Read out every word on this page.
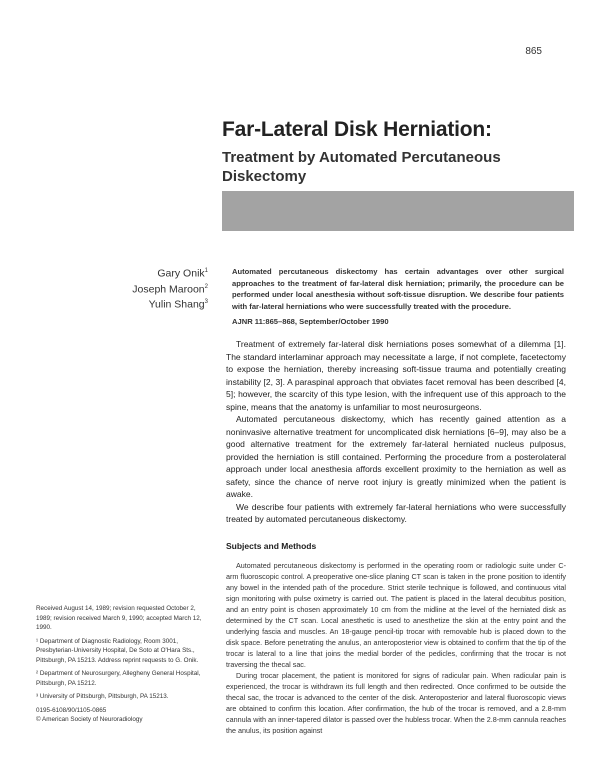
865
Far-Lateral Disk Herniation:
Treatment by Automated Percutaneous
Diskectomy
Gary Onik$^1$
Joseph Maroon$^2$
Yulin Shang$^3$

Automated percutaneous diskectomy has certain advantages over other surgical approaches to the treatment of far-lateral disk herniation; primarily, the procedure can be performed under local anesthesia without soft-tissue disruption. We describe four patients with far-lateral herniations who were successfully treated with the procedure.

AJNR 11:865–868, September/October 1990

Treatment of extremely far-lateral disk herniations poses somewhat of a dilemma [1]. The standard interlaminar approach may necessitate a large, if not complete, facetectomy to expose the herniation, thereby increasing soft-tissue trauma and potentially creating instability [2, 3]. A paraspinal approach that obviates facet removal has been described [4, 5]; however, the scarcity of this type lesion, with the infrequent use of this approach to the spine, means that the anatomy is unfamiliar to most neurosurgeons.

Automated percutaneous diskectomy, which has recently gained attention as a noninvasive alternative treatment for uncomplicated disk herniations [6–9], may also be a good alternative treatment for the extremely far-lateral herniated nucleus pulposus, provided the herniation is still contained. Performing the procedure from a posterolateral approach under local anesthesia affords excellent proximity to the herniation as well as safety, since the chance of nerve root injury is greatly minimized when the patient is awake.

We describe four patients with extremely far-lateral herniations who were successfully treated by automated percutaneous diskectomy.

Subjects and Methods

Automated percutaneous diskectomy is performed in the operating room or radiologic suite under C-arm fluoroscopic control. A preoperative one-slice planing CT scan is taken in the prone position to identify any bowel in the intended path of the procedure. Strict sterile technique is followed, and continuous vital sign monitoring with pulse oximetry is carried out. The patient is placed in the lateral decubitus position, and an entry point is chosen approximately 10 cm from the midline at the level of the herniated disk as determined by the CT scan. Local anesthetic is used to anesthetize the skin at the entry point and the underlying fascia and muscles. An 18-gauge pencil-tip trocar with removable hub is placed down to the disk space. Before penetrating the anulus, an anteroposterior view is obtained to confirm that the tip of the trocar is lateral to a line that joins the medial border of the pedicles, confirming that the trocar is not traversing the thecal sac.

During trocar placement, the patient is monitored for signs of radicular pain. When radicular pain is experienced, the trocar is withdrawn its full length and then redirected. Once confirmed to be outside the thecal sac, the trocar is advanced to the center of the disk. Anteroposterior and lateral fluoroscopic views are obtained to confirm this location. After confirmation, the hub of the trocar is removed, and a 2.8-mm cannula with an inner-tapered dilator is passed over the hubless trocar. When the 2.8-mm cannula reaches the anulus, its position against

Received August 14, 1989; revision requested October 2, 1989; revision received March 9, 1990; accepted March 12, 1990.

¹ Department of Diagnostic Radiology, Room 3001, Presbyterian-University Hospital, De Soto at O'Hara Sts., Pittsburgh, PA 15213. Address reprint requests to G. Onik.

² Department of Neurosurgery, Allegheny General Hospital, Pittsburgh, PA 15212.

³ University of Pittsburgh, Pittsburgh, PA 15213.

0195-6108/90/1105-0865
© American Society of Neuroradiology
